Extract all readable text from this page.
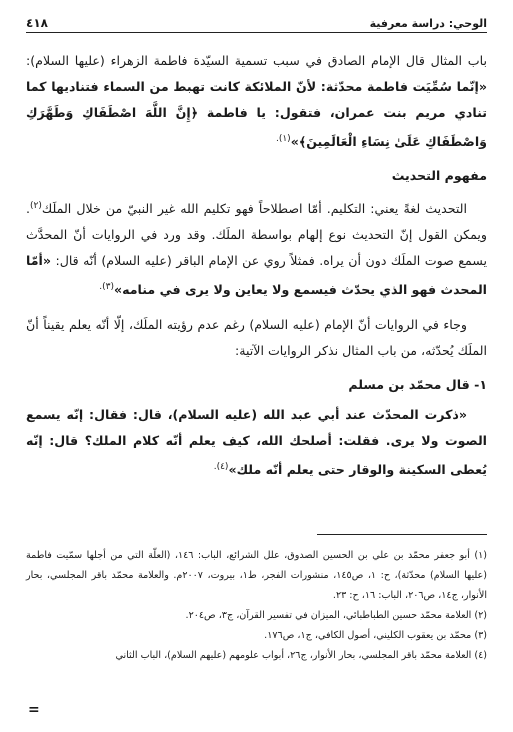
الوحي: دراسة معرفية
٤١٨

باب المثال قال الإمام الصادق في سبب تسمية السيّدة فاطمة الزهراء (عليها السلام): «إنّما سُمِّيَت فاطمة محدّثة: لأنّ الملائكة كانت تهبط من السماء فتناديها كما تنادي مريم بنت عمران، فتقول: يا فاطمة ﴿إِنَّ اللَّهَ اصْطَفَاكِ وَطَهَّرَكِ وَاصْطَفَاكِ عَلَىٰ نِسَاءِ الْعَالَمِينَ﴾»$^{(١).}$

مفهوم التحديث

التحديث لغةً يعني: التكليم. أمّا اصطلاحاً فهو تكليم الله غير النبيّ من خلال الملَك$^{(٢)}$. ويمكن القول إنّ التحديث نوع إلهام بواسطة الملَك. وقد ورد في الروايات أنّ المحدَّث يسمع صوت الملَك دون أن يراه. فمثلاً روي عن الإمام الباقر (عليه السلام) أنّه قال: «أمّا المحدث فهو الذي يحدّث فيسمع ولا يعاين ولا يرى في منامه»$^{(٣).}$

وجاء في الروايات أنّ الإمام (عليه السلام) رغم عدم رؤيته الملَك، إلّا أنّه يعلم يقيناً أنّ الملَك يُحدّثه، من باب المثال نذكر الروايات الآتية:

١- قال محمّد بن مسلم

«ذكرت المحدّث عند أبي عبد الله (عليه السلام)، قال: فقال: إنّه يسمع الصوت ولا يرى. فقلت: أصلحك الله، كيف يعلم أنّه كلام الملك؟ قال: إنّه يُعطى السكينة والوقار حتى يعلم أنّه ملك»$^{(٤).}$

(١) أبو جعفر محمّد بن علي بن الحسين الصدوق، علل الشرائع، الباب: ١٤٦، (العلّة التي من أجلها سمّيت فاطمة (عليها السلام) محدّثة)، ح: ١، ص١٤٥، منشورات الفجر، ط١، بيروت، ٢٠٠٧م. والعلامة محمّد باقر المجلسي، بحار الأنوار، ج١٤، ص٢٠٦، الباب: ١٦، ح: ٢٣.

(٢) العلامة محمّد حسين الطباطبائي، الميزان في تفسير القرآن، ج٣، ص٢٠٤.

(٣) محمّد بن يعقوب الكليني، أصول الكافي، ج١، ص١٧٦.

(٤) العلامة محمّد باقر المجلسي، بحار الأنوار، ج٢٦، أبواب علومهم (عليهم السلام)، الباب الثاني

=
